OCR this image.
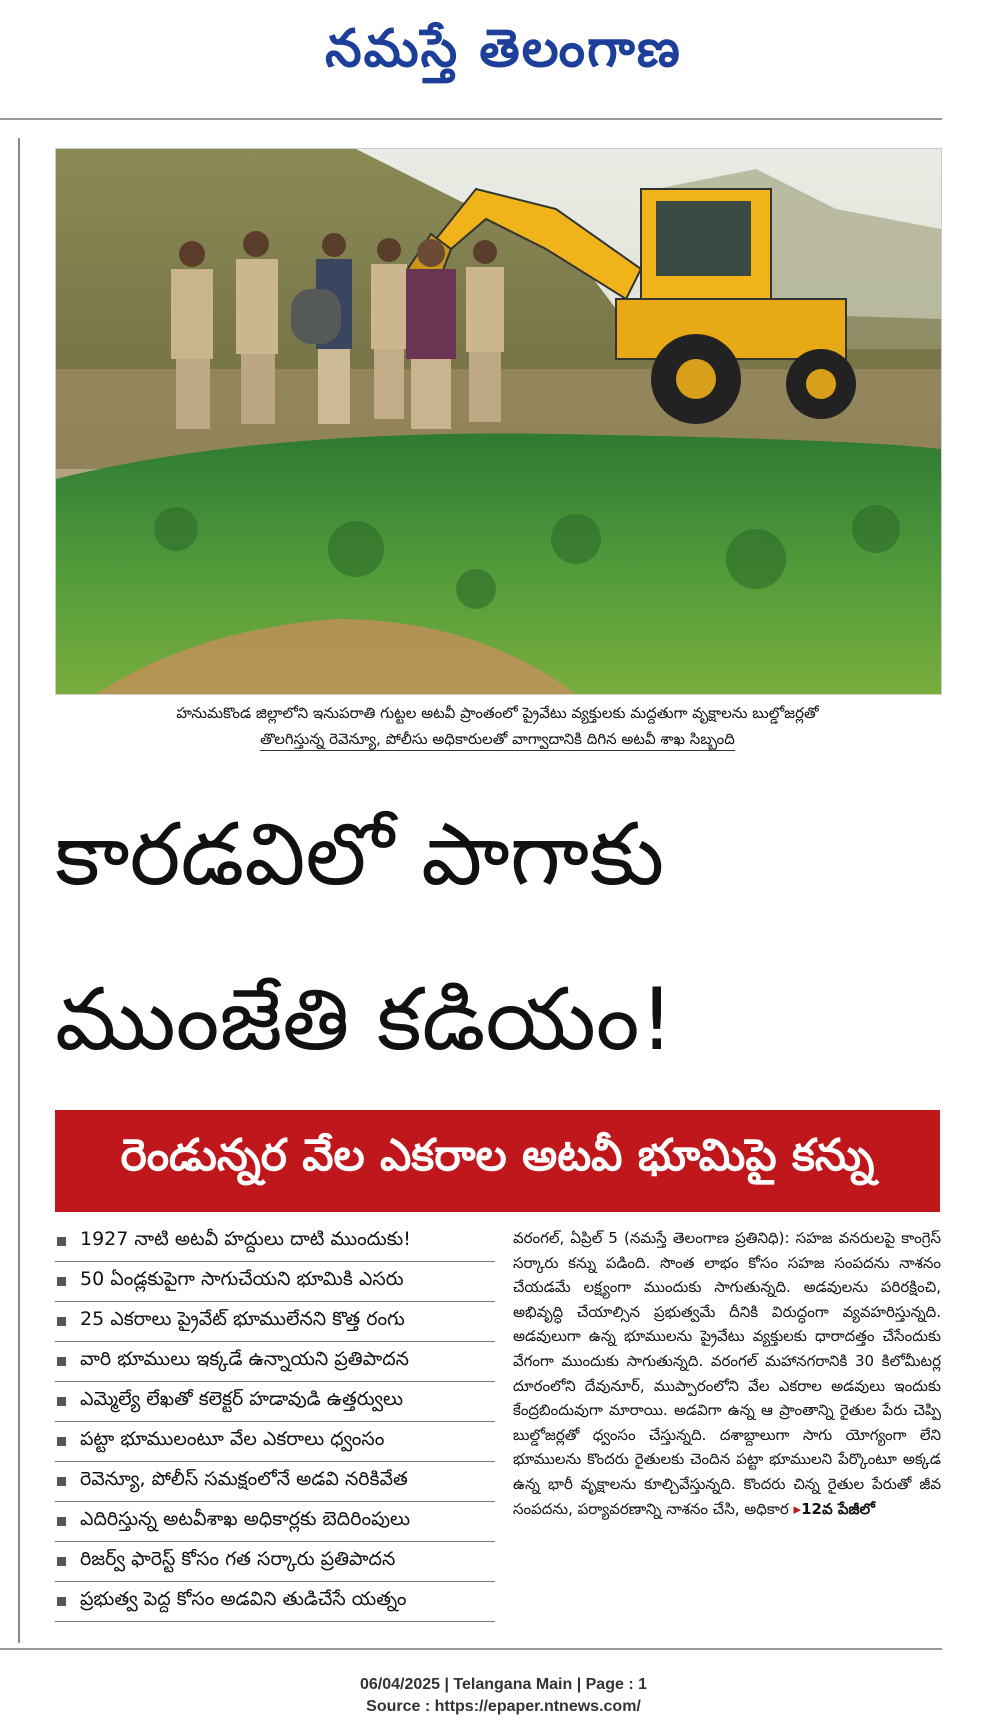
నమస్తే తెలంగాణ
హనుమకొండ జిల్లాలోని ఇనుపరాతి గుట్టల అటవీ ప్రాంతంలో ప్రైవేటు వ్యక్తులకు మద్దతుగా వృక్షాలను బుల్డోజర్లతో
తొలగిస్తున్న రెవెన్యూ, పోలీసు అధికారులతో వాగ్వాదానికి దిగిన అటవీ శాఖ సిబ్బంది
కారడవిలో పాగాకు
ముంజేతి కడియం!
రెండున్నర వేల ఎకరాల అటవీ భూమిపై కన్ను
1927 నాటి అటవీ హద్దులు దాటి ముందుకు!
50 ఏండ్లకుపైగా సాగుచేయని భూమికి ఎసరు
25 ఎకరాలు ప్రైవేట్ భూములేనని కొత్త రంగు
వారి భూములు ఇక్కడే ఉన్నాయని ప్రతిపాదన
ఎమ్మెల్యే లేఖతో కలెక్టర్ హడావుడి ఉత్తర్వులు
పట్టా భూములంటూ వేల ఎకరాలు ధ్వంసం
రెవెన్యూ, పోలీస్ సమక్షంలోనే అడవి నరికివేత
ఎదిరిస్తున్న అటవీశాఖ అధికార్లకు బెదిరింపులు
రిజర్వ్ ఫారెస్ట్ కోసం గత సర్కారు ప్రతిపాదన
ప్రభుత్వ పెద్ద కోసం అడవిని తుడిచేసే యత్నం

వరంగల్, ఏప్రిల్ 5 (నమస్తే తెలంగాణ ప్రతినిధి): సహజ వనరులపై కాంగ్రెస్ సర్కారు కన్ను పడింది. సొంత లాభం కోసం సహజ సంపదను నాశనం చేయడమే లక్ష్యంగా ముందుకు సాగుతున్నది. అడవులను పరిరక్షించి, అభివృద్ధి చేయాల్సిన ప్రభుత్వమే దీనికి విరుద్ధంగా వ్యవహరిస్తున్నది. అడవులుగా ఉన్న భూములను ప్రైవేటు వ్యక్తులకు ధారాదత్తం చేసేందుకు వేగంగా ముందుకు సాగుతున్నది. వరంగల్ మహానగరానికి 30 కిలోమీటర్ల దూరంలోని దేవునూర్, ముప్పారంలోని వేల ఎకరాల అడవులు ఇందుకు కేంద్రబిందువుగా మారాయి. అడవిగా ఉన్న ఆ ప్రాంతాన్ని రైతుల పేరు చెప్పి బుల్డోజర్లతో ధ్వంసం చేస్తున్నది. దశాబ్దాలుగా సాగు యోగ్యంగా లేని భూములను కొందరు రైతులకు చెందిన పట్టా భూములని పేర్కొంటూ అక్కడ ఉన్న భారీ వృక్షాలను కూల్చివేస్తున్నది. కొందరు చిన్న రైతుల పేరుతో జీవ సంపదను, పర్యావరణాన్ని నాశనం చేసి, అధికార ▸12వ పేజీలో

06/04/2025 | Telangana Main | Page : 1
Source : https://epaper.ntnews.com/
